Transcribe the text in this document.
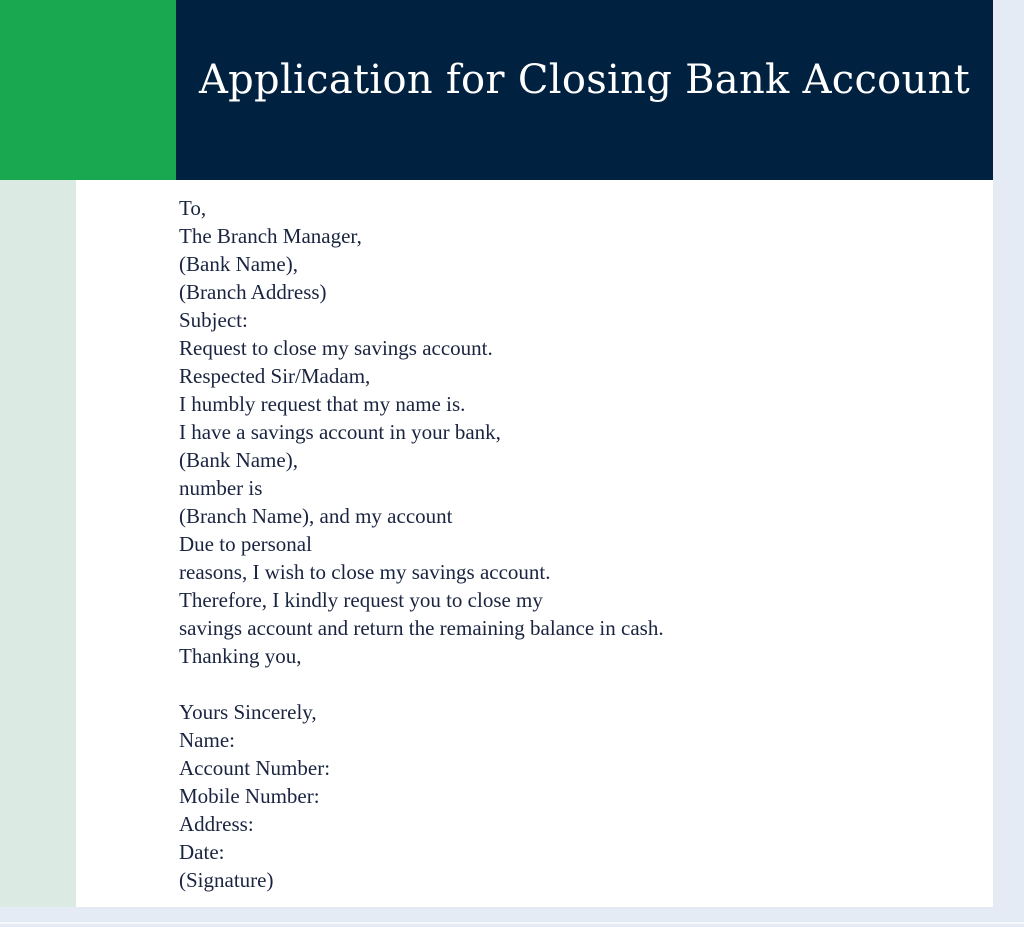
Application for Closing Bank Account
To,
The Branch Manager,
(Bank Name),
(Branch Address)
Subject:
Request to close my savings account.
Respected Sir/Madam,
I humbly request that my name is.
I have a savings account in your bank,
(Bank Name),
number is
(Branch Name), and my account
Due to personal
reasons, I wish to close my savings account.
Therefore, I kindly request you to close my
savings account and return the remaining balance in cash.
Thanking you,
Yours Sincerely,
Name:
Account Number:
Mobile Number:
Address:
Date:
(Signature)
